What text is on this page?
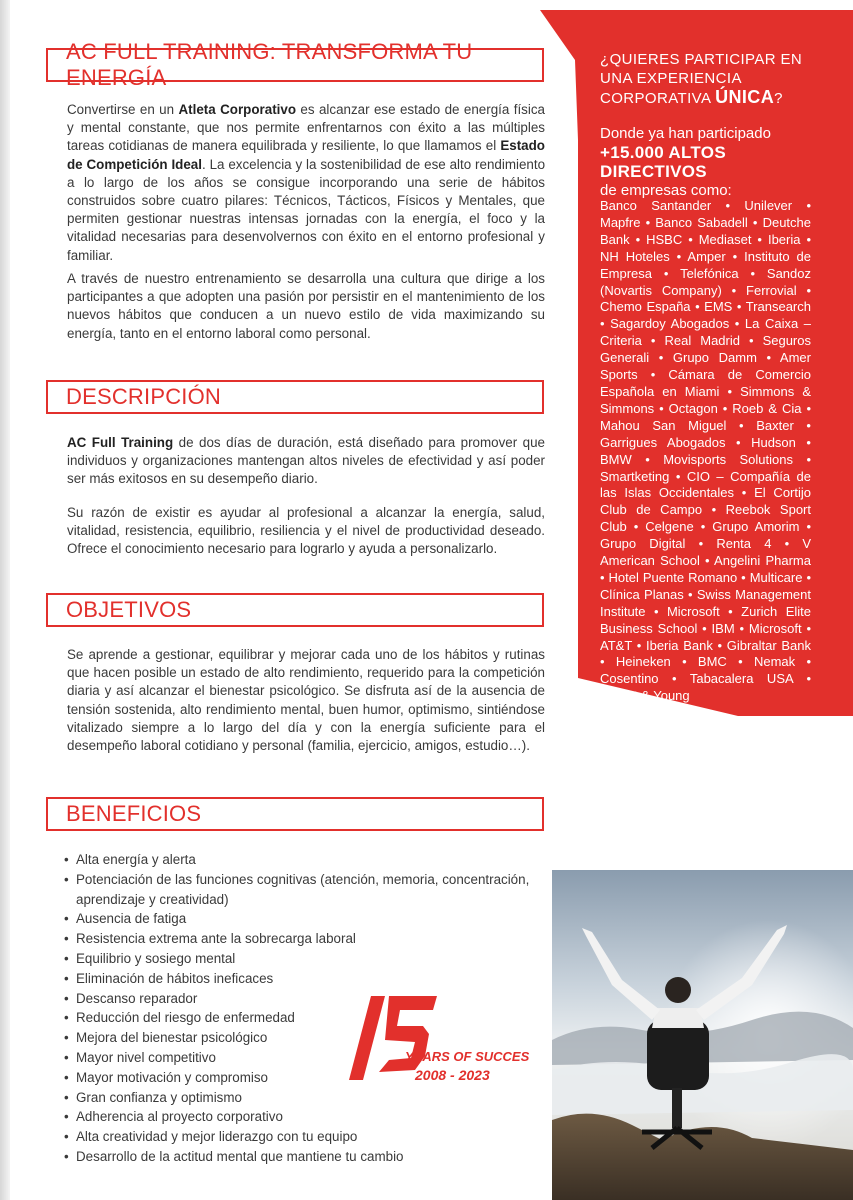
AC FULL TRAINING: TRANSFORMA TU ENERGÍA

Convertirse en un Atleta Corporativo es alcanzar ese estado de energía física y mental constante, que nos permite enfrentarnos con éxito a las múltiples tareas cotidianas de manera equilibrada y resiliente, lo que llamamos el Estado de Competición Ideal. La excelencia y la sostenibilidad de ese alto rendimiento a lo largo de los años se consigue incorporando una serie de hábitos construidos sobre cuatro pilares: Técnicos, Tácticos, Físicos y Mentales, que permiten gestionar nuestras intensas jornadas con la energía, el foco y la vitalidad necesarias para desenvolvernos con éxito en el entorno profesional y familiar.

A través de nuestro entrenamiento se desarrolla una cultura que dirige a los participantes a que adopten una pasión por persistir en el mantenimiento de los nuevos hábitos que conducen a un nuevo estilo de vida maximizando su energía, tanto en el entorno laboral como personal.

DESCRIPCIÓN

AC Full Training de dos días de duración, está diseñado para promover que individuos y organizaciones mantengan altos niveles de efectividad y así poder ser más exitosos en su desempeño diario.

Su razón de existir es ayudar al profesional a alcanzar la energía, salud, vitalidad, resistencia, equilibrio, resiliencia y el nivel de productividad deseado. Ofrece el conocimiento necesario para lograrlo y ayuda a personalizarlo.

OBJETIVOS

Se aprende a gestionar, equilibrar y mejorar cada uno de los hábitos y rutinas que hacen posible un estado de alto rendimiento, requerido para la competición diaria y así alcanzar el bienestar psicológico. Se disfruta así de la ausencia de tensión sostenida, alto rendimiento mental, buen humor, optimismo, sintiéndose vitalizado siempre a lo largo del día y con la energía suficiente para el desempeño laboral cotidiano y personal (familia, ejercicio, amigos, estudio…).

BENEFICIOS
• Alta energía y alerta
• Potenciación de las funciones cognitivas (atención, memoria, concentración, aprendizaje y creatividad)
• Ausencia de fatiga
• Resistencia extrema ante la sobrecarga laboral
• Equilibrio y sosiego mental
• Eliminación de hábitos ineficaces
• Descanso reparador
• Reducción del riesgo de enfermedad
• Mejora del bienestar psicológico
• Mayor nivel competitivo
• Mayor motivación y compromiso
• Gran confianza y optimismo
• Adherencia al proyecto corporativo
• Alta creatividad y mejor liderazgo con tu equipo
• Desarrollo de la actitud mental que mantiene tu cambio
¿QUIERES PARTICIPAR EN UNA EXPERIENCIA CORPORATIVA ÚNICA?
Donde ya han participado
+15.000 ALTOS DIRECTIVOS
de empresas como:

Banco Santander • Unilever • Mapfre • Banco Sabadell • Deutche Bank • HSBC • Mediaset • Iberia • NH Hoteles • Amper • Instituto de Empresa • Telefónica • Sandoz (Novartis Company) • Ferrovial • Chemo España • EMS • Transearch • Sagardoy Abogados • La Caixa – Criteria • Real Madrid • Seguros Generali • Grupo Damm • Amer Sports • Cámara de Comercio Española en Miami • Simmons & Simmons • Octagon • Roeb & Cia • Mahou San Miguel • Baxter • Garrigues Abogados • Hudson • BMW • Movisports Solutions • Smartketing • CIO – Compañía de las Islas Occidentales • El Cortijo Club de Campo • Reebok Sport Club • Celgene • Grupo Amorim • Grupo Digital • Renta 4 • V American School • Angelini Pharma • Hotel Puente Romano • Multicare • Clínica Planas • Swiss Management Institute • Microsoft • Zurich Elite Business School • IBM • Microsoft • AT&T • Iberia Bank • Gibraltar Bank • Heineken • BMC • Nemak • Cosentino • Tabacalera USA • Ernest & Young

YEARS OF SUCCES
2008 - 2023
